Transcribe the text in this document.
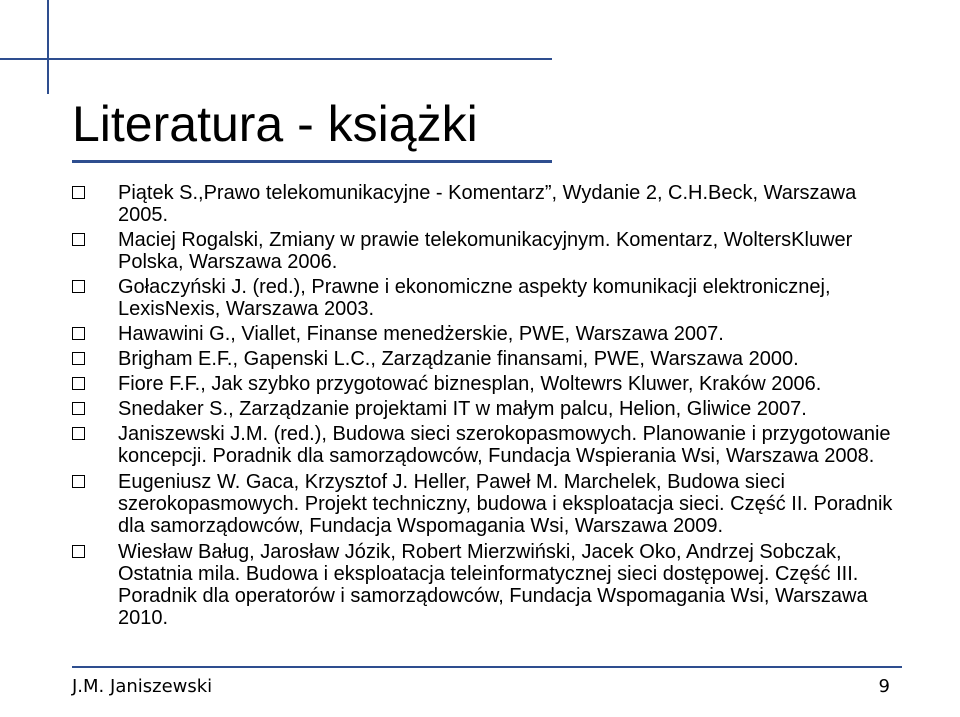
Literatura - książki
Piątek S.,Prawo telekomunikacyjne - Komentarz”, Wydanie 2, C.H.Beck, Warszawa 2005.
Maciej Rogalski, Zmiany w prawie telekomunikacyjnym. Komentarz, WoltersKluwer Polska, Warszawa 2006.
Gołaczyński J. (red.), Prawne i ekonomiczne aspekty komunikacji elektronicznej, LexisNexis, Warszawa 2003.
Hawawini G., Viallet, Finanse menedżerskie, PWE, Warszawa 2007.
Brigham E.F., Gapenski L.C., Zarządzanie finansami, PWE, Warszawa 2000.
Fiore F.F., Jak szybko przygotować biznesplan, Woltewrs Kluwer, Kraków 2006.
Snedaker S., Zarządzanie projektami IT w małym palcu, Helion, Gliwice 2007.
Janiszewski J.M. (red.), Budowa sieci szerokopasmowych. Planowanie i przygotowanie koncepcji. Poradnik dla samorządowców, Fundacja Wspierania Wsi, Warszawa 2008.
Eugeniusz W. Gaca, Krzysztof J. Heller, Paweł M. Marchelek, Budowa sieci szerokopasmowych. Projekt techniczny, budowa i eksploatacja sieci. Część II. Poradnik dla samorządowców, Fundacja Wspomagania Wsi, Warszawa 2009.
Wiesław Baług, Jarosław Józik, Robert Mierzwiński, Jacek Oko, Andrzej Sobczak, Ostatnia mila. Budowa i eksploatacja teleinformatycznej sieci dostępowej. Część III. Poradnik dla operatorów i samorządowców, Fundacja Wspomagania Wsi, Warszawa 2010.
J.M. Janiszewski	9
